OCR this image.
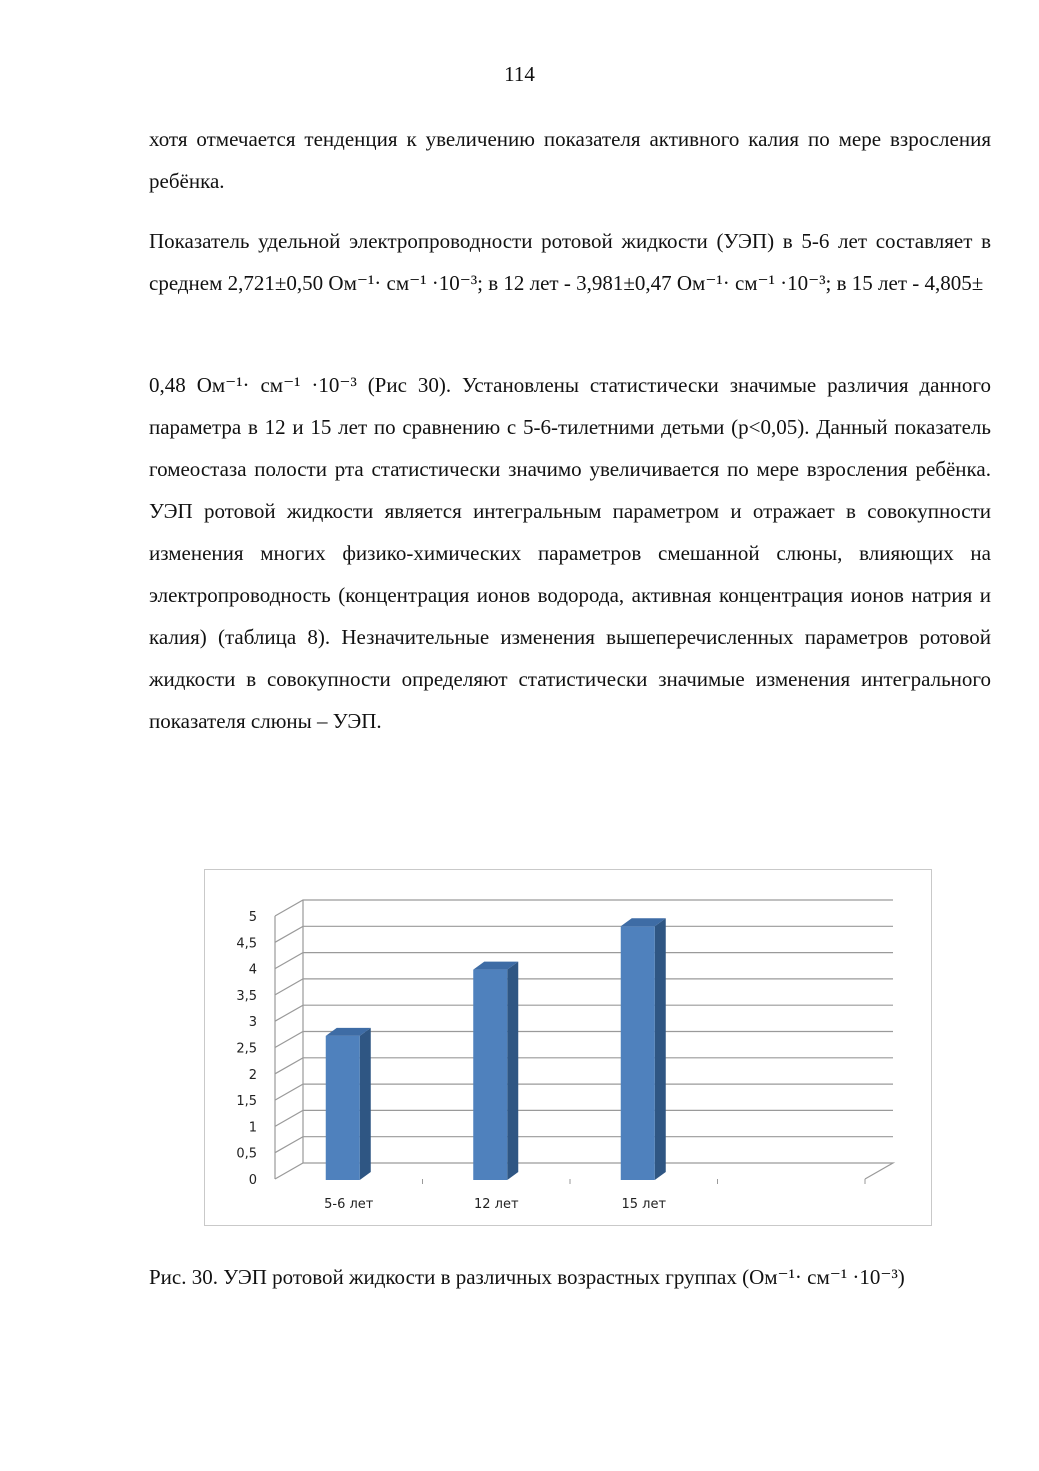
114

хотя отмечается тенденция к увеличению показателя активного калия по мере взросления ребёнка.

Показатель удельной электропроводности ротовой жидкости (УЭП) в 5-6 лет составляет в среднем 2,721±0,50 Ом⁻¹· см⁻¹ ·10⁻³; в 12 лет - 3,981±0,47 Ом⁻¹· см⁻¹ ·10⁻³; в 15 лет - 4,805±

0,48 Ом⁻¹· см⁻¹ ·10⁻³ (Рис 30). Установлены статистически значимые различия данного параметра в 12 и 15 лет по сравнению с 5-6-тилетними детьми (p<0,05). Данный показатель гомеостаза полости рта статистически значимо увеличивается по мере взросления ребёнка. УЭП ротовой жидкости является интегральным параметром и отражает в совокупности изменения многих физико-химических параметров смешанной слюны, влияющих на электропроводность (концентрация ионов водорода, активная концентрация ионов натрия и калия) (таблица 8). Незначительные изменения вышеперечисленных параметров ротовой жидкости в совокупности определяют статистически значимые изменения интегрального показателя слюны – УЭП.

0
0,5
1
1,5
2
2,5
3
3,5
4
4,5
5
5-6 лет	12 лет	15 лет

Рис. 30. УЭП ротовой жидкости в различных возрастных группах (Ом⁻¹· см⁻¹ ·10⁻³)
